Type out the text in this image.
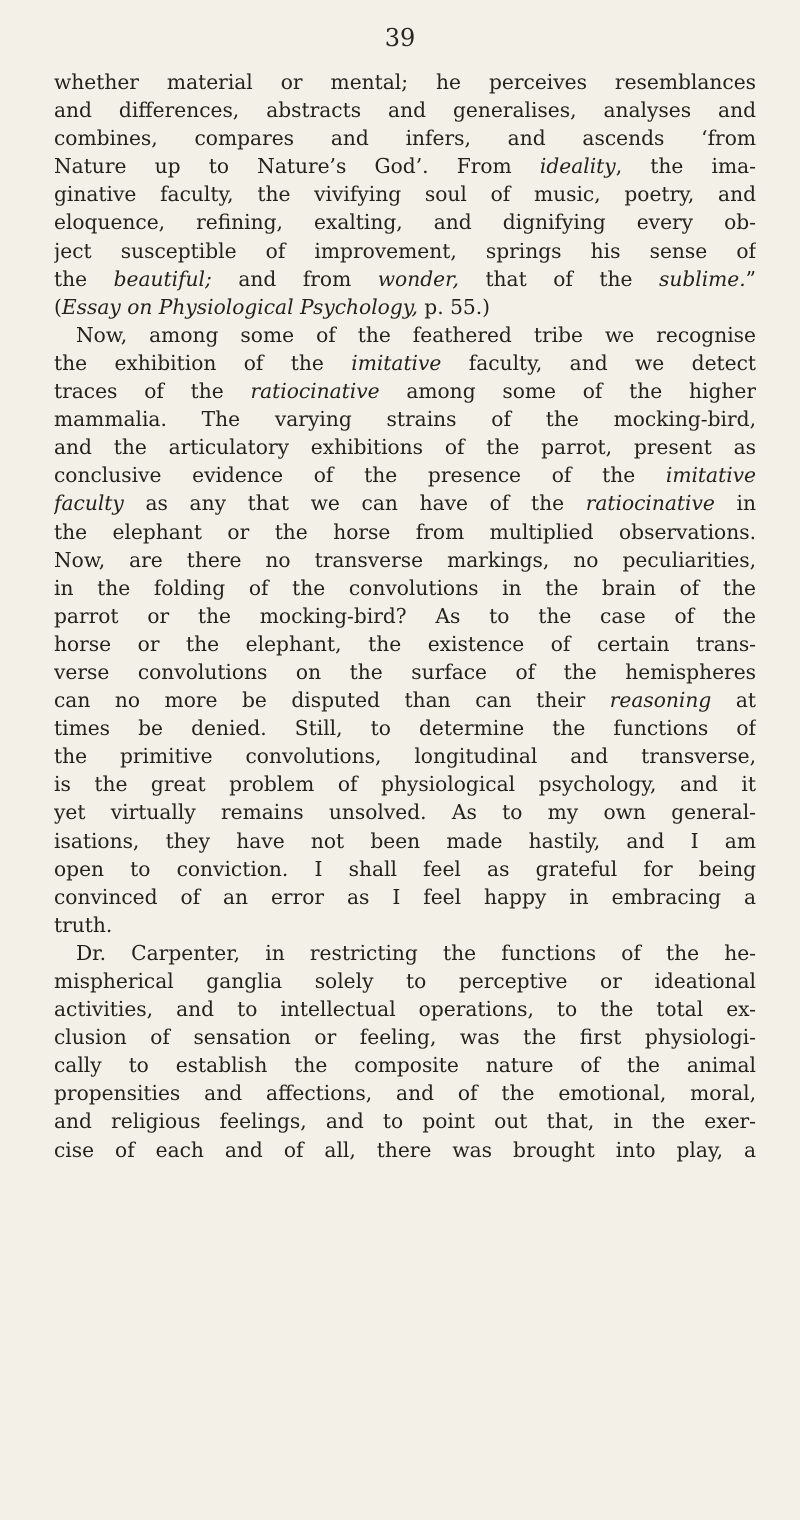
39
whether material or mental; he perceives resemblances
and differences, abstracts and generalises, analyses and
combines, compares and infers, and ascends ‘from
Nature up to Nature’s God’. From ideality, the ima-
ginative faculty, the vivifying soul of music, poetry, and
eloquence, refining, exalting, and dignifying every ob-
ject susceptible of improvement, springs his sense of
the beautiful; and from wonder, that of the sublime.”
(Essay on Physiological Psychology, p. 55.)
Now, among some of the feathered tribe we recognise
the exhibition of the imitative faculty, and we detect
traces of the ratiocinative among some of the higher
mammalia. The varying strains of the mocking-bird,
and the articulatory exhibitions of the parrot, present as
conclusive evidence of the presence of the imitative
faculty as any that we can have of the ratiocinative in
the elephant or the horse from multiplied observations.
Now, are there no transverse markings, no peculiarities,
in the folding of the convolutions in the brain of the
parrot or the mocking-bird? As to the case of the
horse or the elephant, the existence of certain trans-
verse convolutions on the surface of the hemispheres
can no more be disputed than can their reasoning at
times be denied. Still, to determine the functions of
the primitive convolutions, longitudinal and transverse,
is the great problem of physiological psychology, and it
yet virtually remains unsolved. As to my own general-
isations, they have not been made hastily, and I am
open to conviction. I shall feel as grateful for being
convinced of an error as I feel happy in embracing a
truth.
Dr. Carpenter, in restricting the functions of the he-
mispherical ganglia solely to perceptive or ideational
activities, and to intellectual operations, to the total ex-
clusion of sensation or feeling, was the first physiologi-
cally to establish the composite nature of the animal
propensities and affections, and of the emotional, moral,
and religious feelings, and to point out that, in the exer-
cise of each and of all, there was brought into play, a
